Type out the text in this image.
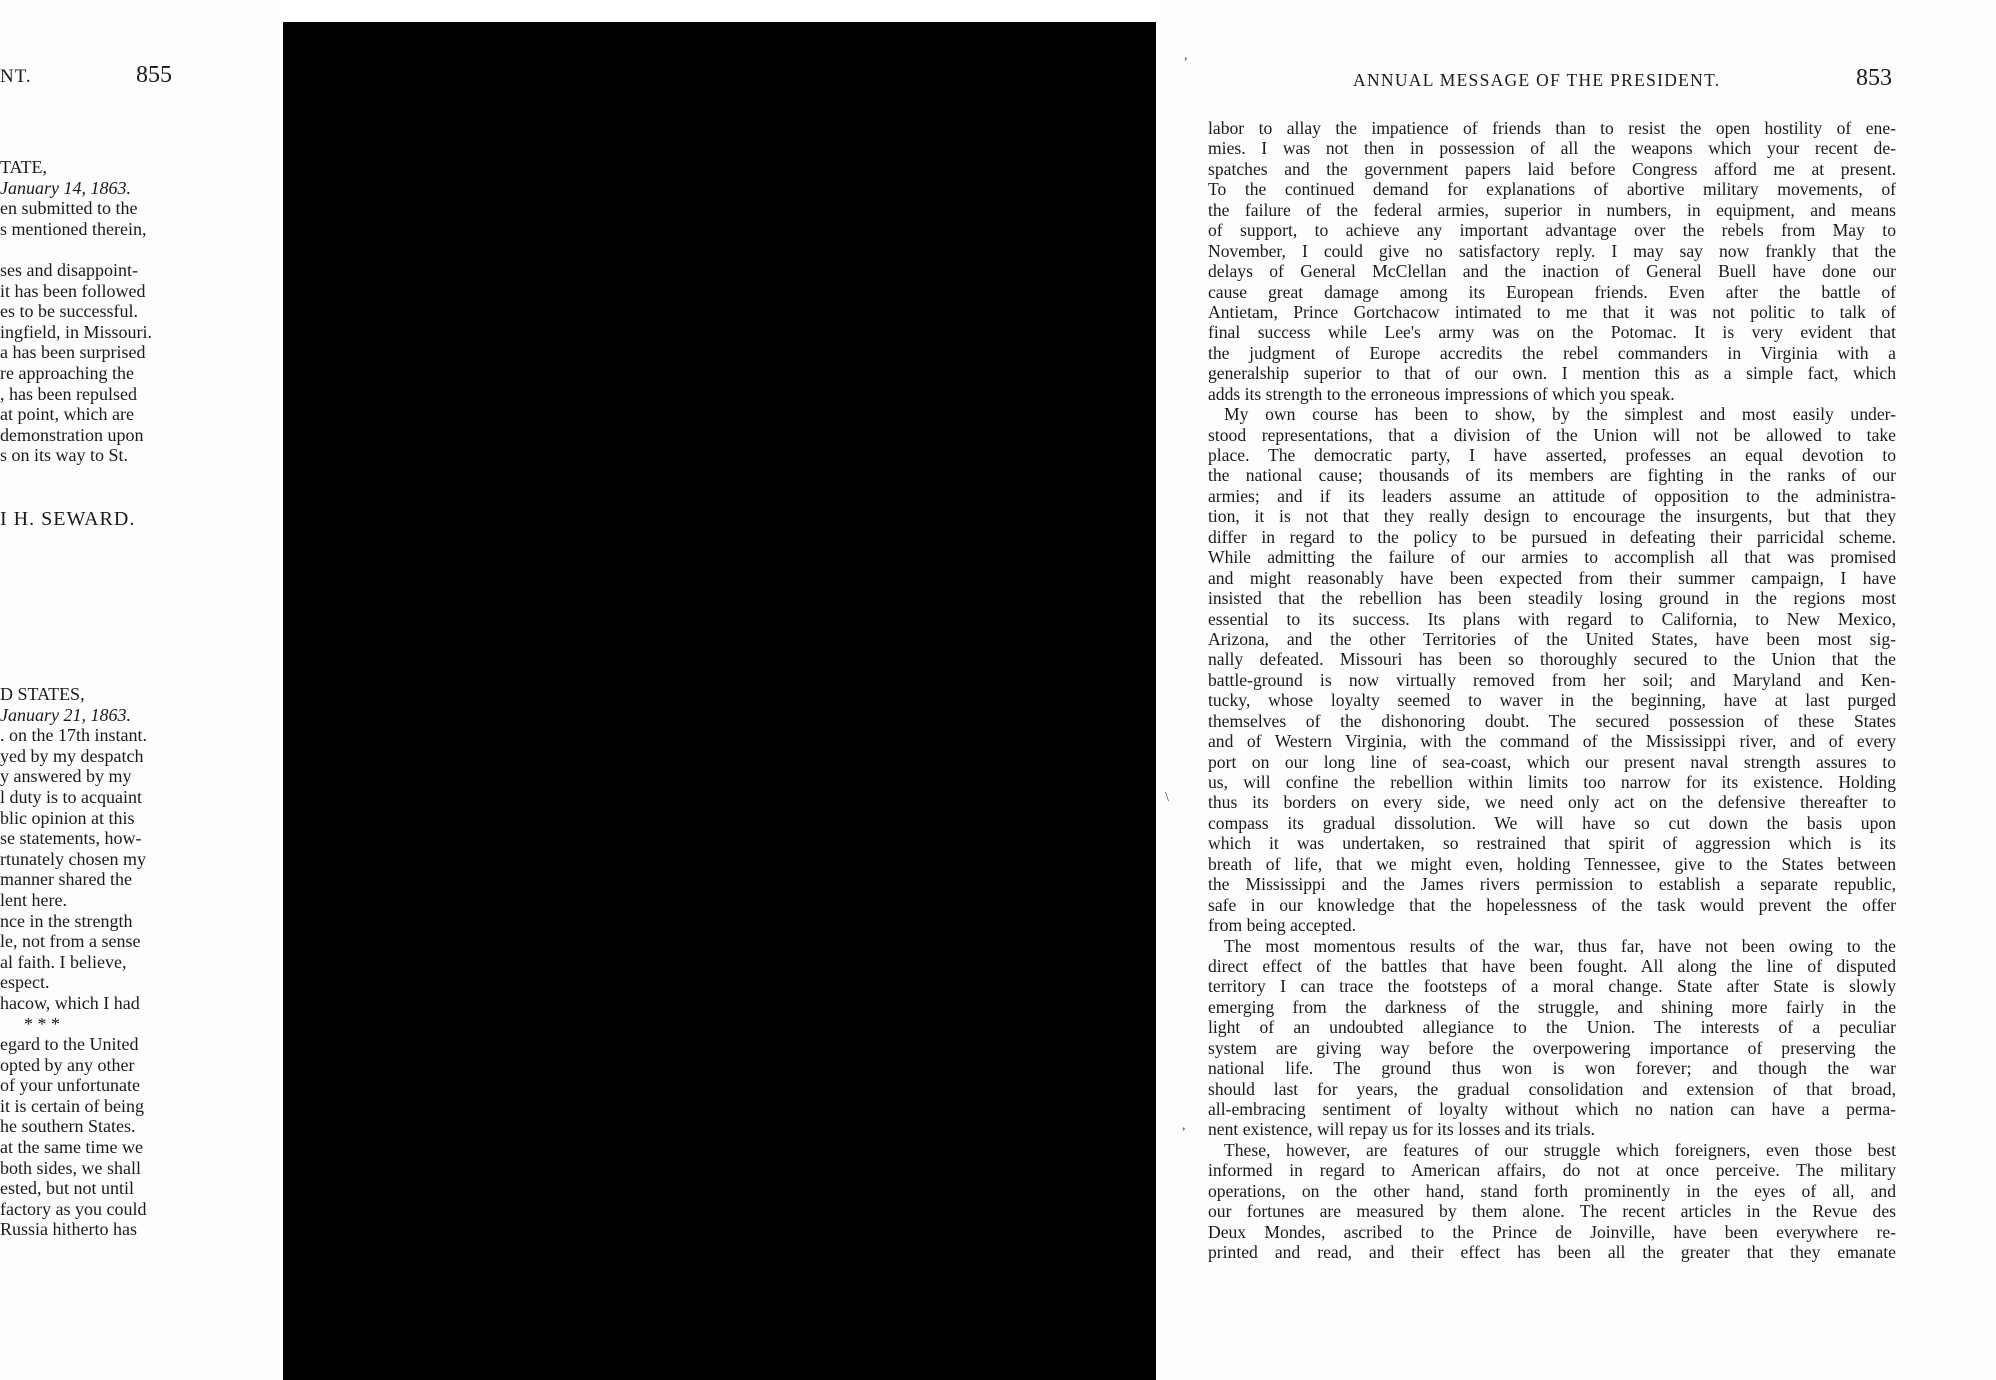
NT.	855
TATE,
January 14, 1863.
en submitted to the
s mentioned therein,
ses and disappoint-
it has been followed
es to be successful.
ingfield, in Missouri.
a has been surprised
re approaching the
, has been repulsed
at point, which are
demonstration upon
s on its way to St.
I H. SEWARD.
D STATES,
January 21, 1863.
. on the 17th instant.
yed by my despatch
y answered by my
l duty is to acquaint
blic opinion at this
se statements, how-
rtunately chosen my
manner shared the
lent here.
nce in the strength
le, not from a sense
al faith. I believe,
espect.
hacow, which I had
* * *
egard to the United
opted by any other
of your unfortunate
it is certain of being
he southern States.
at the same time we
both sides, we shall
ested, but not until
factory as you could
Russia hitherto has
,
\
,
ANNUAL MESSAGE OF THE PRESIDENT.	853
labor to allay the impatience of friends than to resist the open hostility of ene-
mies. I was not then in possession of all the weapons which your recent de-
spatches and the government papers laid before Congress afford me at present.
To the continued demand for explanations of abortive military movements, of
the failure of the federal armies, superior in numbers, in equipment, and means
of support, to achieve any important advantage over the rebels from May to
November, I could give no satisfactory reply. I may say now frankly that the
delays of General McClellan and the inaction of General Buell have done our
cause great damage among its European friends. Even after the battle of
Antietam, Prince Gortchacow intimated to me that it was not politic to talk of
final success while Lee's army was on the Potomac. It is very evident that
the judgment of Europe accredits the rebel commanders in Virginia with a
generalship superior to that of our own. I mention this as a simple fact, which
adds its strength to the erroneous impressions of which you speak.
My own course has been to show, by the simplest and most easily under-
stood representations, that a division of the Union will not be allowed to take
place. The democratic party, I have asserted, professes an equal devotion to
the national cause; thousands of its members are fighting in the ranks of our
armies; and if its leaders assume an attitude of opposition to the administra-
tion, it is not that they really design to encourage the insurgents, but that they
differ in regard to the policy to be pursued in defeating their parricidal scheme.
While admitting the failure of our armies to accomplish all that was promised
and might reasonably have been expected from their summer campaign, I have
insisted that the rebellion has been steadily losing ground in the regions most
essential to its success. Its plans with regard to California, to New Mexico,
Arizona, and the other Territories of the United States, have been most sig-
nally defeated. Missouri has been so thoroughly secured to the Union that the
battle-ground is now virtually removed from her soil; and Maryland and Ken-
tucky, whose loyalty seemed to waver in the beginning, have at last purged
themselves of the dishonoring doubt. The secured possession of these States
and of Western Virginia, with the command of the Mississippi river, and of every
port on our long line of sea-coast, which our present naval strength assures to
us, will confine the rebellion within limits too narrow for its existence. Holding
thus its borders on every side, we need only act on the defensive thereafter to
compass its gradual dissolution. We will have so cut down the basis upon
which it was undertaken, so restrained that spirit of aggression which is its
breath of life, that we might even, holding Tennessee, give to the States between
the Mississippi and the James rivers permission to establish a separate republic,
safe in our knowledge that the hopelessness of the task would prevent the offer
from being accepted.
The most momentous results of the war, thus far, have not been owing to the
direct effect of the battles that have been fought. All along the line of disputed
territory I can trace the footsteps of a moral change. State after State is slowly
emerging from the darkness of the struggle, and shining more fairly in the
light of an undoubted allegiance to the Union. The interests of a peculiar
system are giving way before the overpowering importance of preserving the
national life. The ground thus won is won forever; and though the war
should last for years, the gradual consolidation and extension of that broad,
all-embracing sentiment of loyalty without which no nation can have a perma-
nent existence, will repay us for its losses and its trials.
These, however, are features of our struggle which foreigners, even those best
informed in regard to American affairs, do not at once perceive. The military
operations, on the other hand, stand forth prominently in the eyes of all, and
our fortunes are measured by them alone. The recent articles in the Revue des
Deux Mondes, ascribed to the Prince de Joinville, have been everywhere re-
printed and read, and their effect has been all the greater that they emanate
